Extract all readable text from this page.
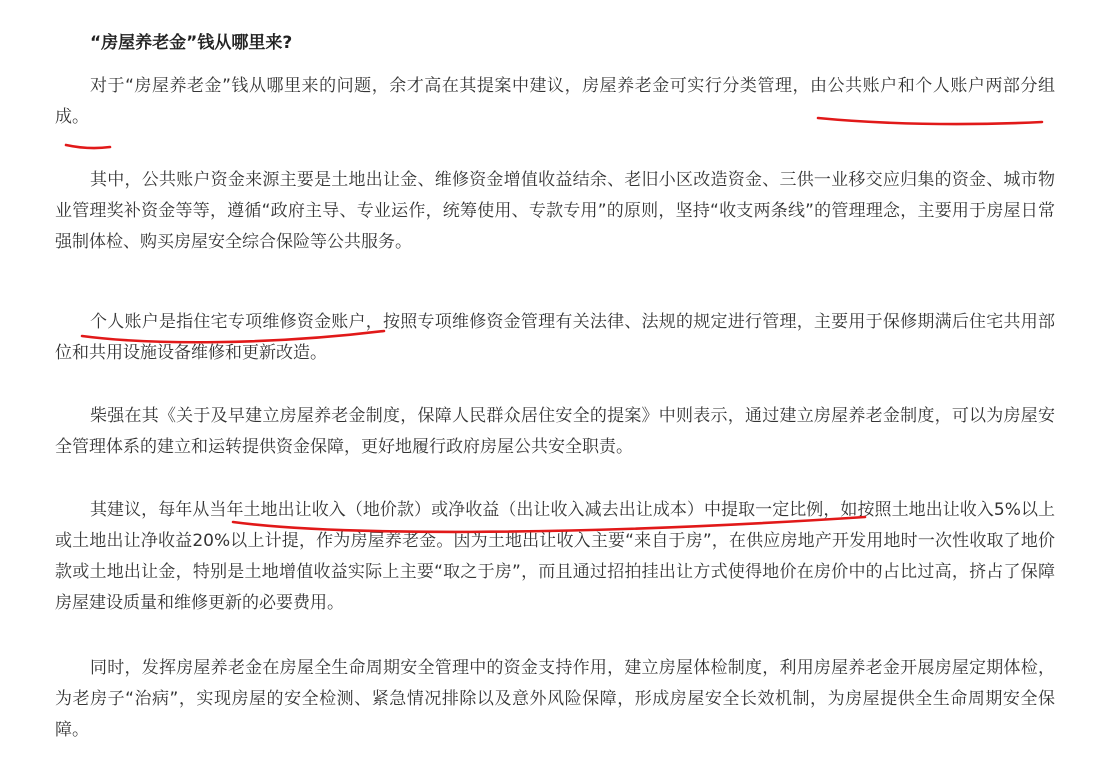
“房屋养老金”钱从哪里来?

对于“房屋养老金”钱从哪里来的问题，余才高在其提案中建议，房屋养老金可实行分类管理，由公共账户和个人账户两部分组成。

其中，公共账户资金来源主要是土地出让金、维修资金增值收益结余、老旧小区改造资金、三供一业移交应归集的资金、城市物业管理奖补资金等等，遵循“政府主导、专业运作，统筹使用、专款专用”的原则，坚持“收支两条线”的管理理念，主要用于房屋日常强制体检、购买房屋安全综合保险等公共服务。

个人账户是指住宅专项维修资金账户，按照专项维修资金管理有关法律、法规的规定进行管理，主要用于保修期满后住宅共用部位和共用设施设备维修和更新改造。

柴强在其《关于及早建立房屋养老金制度，保障人民群众居住安全的提案》中则表示，通过建立房屋养老金制度，可以为房屋安全管理体系的建立和运转提供资金保障，更好地履行政府房屋公共安全职责。

其建议，每年从当年土地出让收入（地价款）或净收益（出让收入减去出让成本）中提取一定比例，如按照土地出让收入5%以上或土地出让净收益20%以上计提，作为房屋养老金。因为土地出让收入主要“来自于房”，在供应房地产开发用地时一次性收取了地价款或土地出让金，特别是土地增值收益实际上主要“取之于房”，而且通过招拍挂出让方式使得地价在房价中的占比过高，挤占了保障房屋建设质量和维修更新的必要费用。

同时，发挥房屋养老金在房屋全生命周期安全管理中的资金支持作用，建立房屋体检制度，利用房屋养老金开展房屋定期体检，为老房子“治病”，实现房屋的安全检测、紧急情况排除以及意外风险保障，形成房屋安全长效机制，为房屋提供全生命周期安全保障。
